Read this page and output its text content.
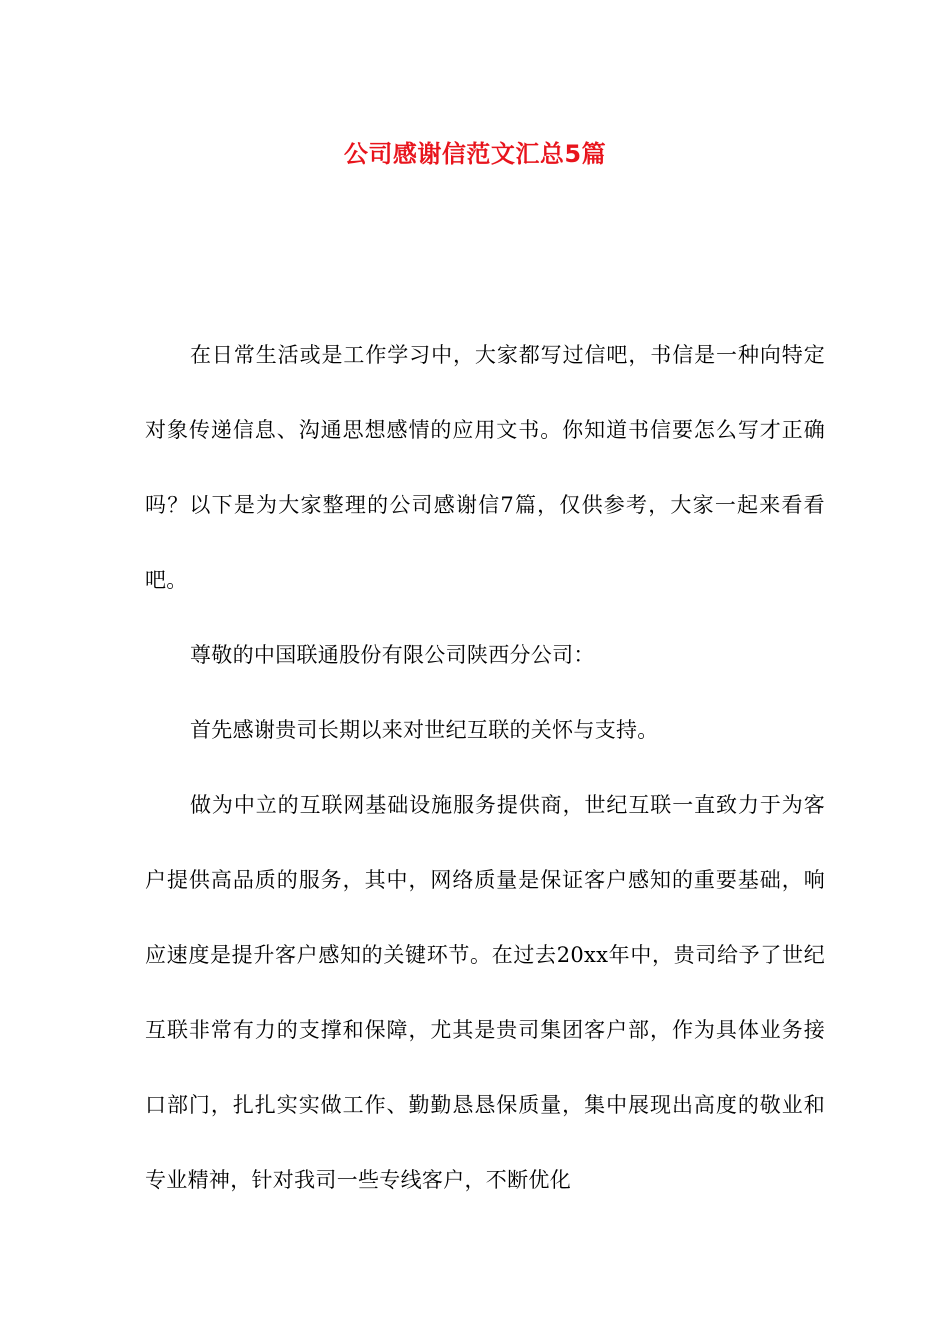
公司感谢信范文汇总5篇

在日常生活或是工作学习中，大家都写过信吧，书信是一种向特定对象传递信息、沟通思想感情的应用文书。你知道书信要怎么写才正确吗？以下是为大家整理的公司感谢信7篇，仅供参考，大家一起来看看吧。

尊敬的中国联通股份有限公司陕西分公司：

首先感谢贵司长期以来对世纪互联的关怀与支持。

做为中立的互联网基础设施服务提供商，世纪互联一直致力于为客户提供高品质的服务，其中，网络质量是保证客户感知的重要基础，响应速度是提升客户感知的关键环节。在过去20xx年中，贵司给予了世纪互联非常有力的支撑和保障，尤其是贵司集团客户部，作为具体业务接口部门，扎扎实实做工作、勤勤恳恳保质量，集中展现出高度的敬业和专业精神，针对我司一些专线客户，不断优化
